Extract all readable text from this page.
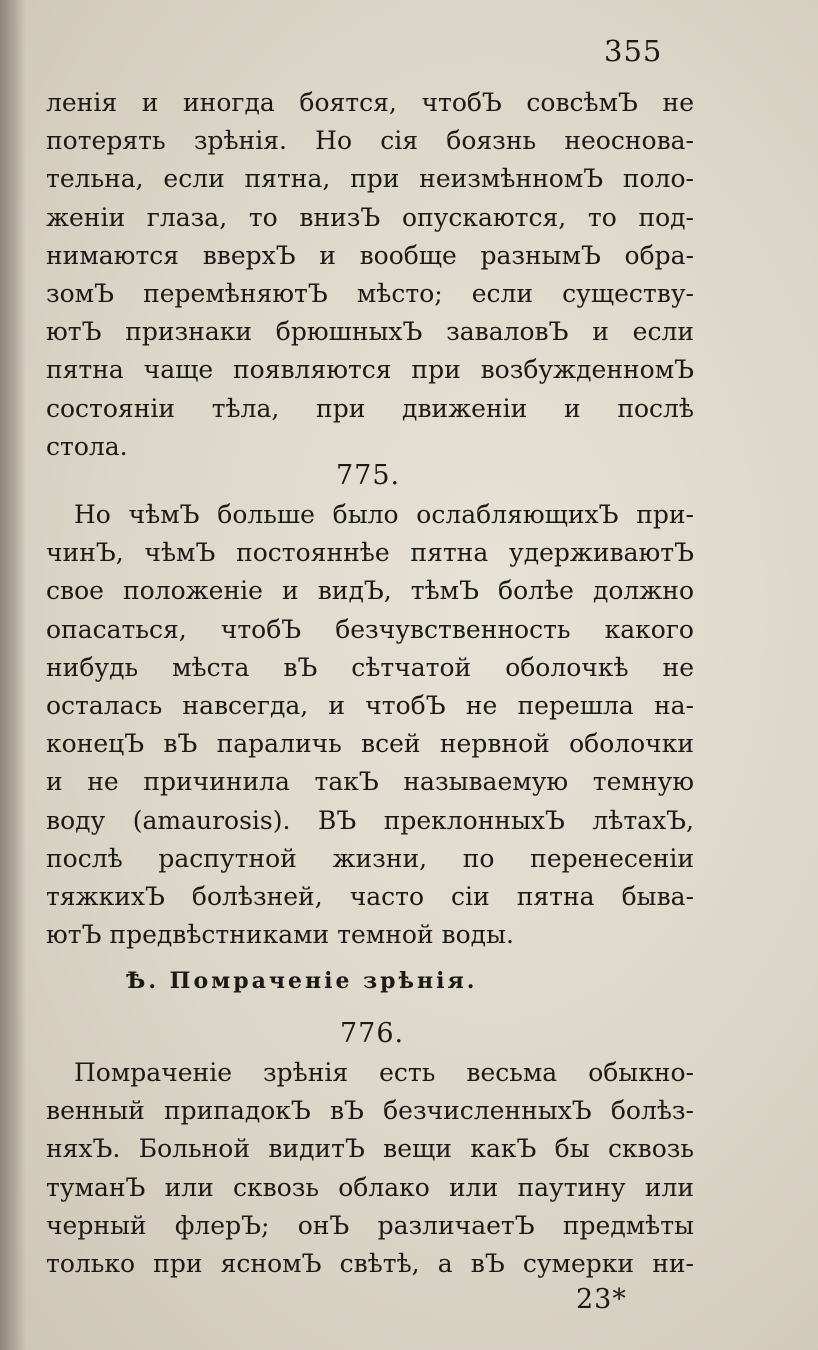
355
ленія и иногда боятся, чтобЪ совсѣмЪ не
потерять зрѣнія. Но сія боязнь неоснова-
тельна, если пятна, при неизмѣнномЪ поло-
женіи глаза, то внизЪ опускаются, то под-
нимаются вверхЪ и вообще разнымЪ обра-
зомЪ перемѣняютЪ мѣсто; если существу-
ютЪ признаки брюшныхЪ заваловЪ и если
пятна чаще появляются при возбужденномЪ
состояніи тѣла, при движеніи и послѣ
стола.
775.
Но чѣмЪ больше было ослабляющихЪ при-
чинЪ, чѣмЪ постояннѣе пятна удерживаютЪ
свое положеніе и видЪ, тѣмЪ болѣе должно
опасаться, чтобЪ безчувственность какого
нибудь мѣста вЪ сѣтчатой оболочкѣ не
осталась навсегда, и чтобЪ не перешла на-
конецЪ вЪ параличь всей нервной оболочки
и не причинила такЪ называемую темную
воду (amaurosis). ВЪ преклонныхЪ лѣтахЪ,
послѣ распутной жизни, по перенесеніи
тяжкихЪ болѣзней, часто сіи пятна быва-
ютЪ предвѣстниками темной воды.
Ѣ. Помраченіе зрѣнія.
776.
Помраченіе зрѣнія есть весьма обыкно-
венный припадокЪ вЪ безчисленныхЪ болѣз-
няхЪ. Больной видитЪ вещи какЪ бы сквозь
туманЪ или сквозь облако или паутину или
черный флерЪ; онЪ различаетЪ предмѣты
только при ясномЪ свѣтѣ, а вЪ сумерки ни-
23*
